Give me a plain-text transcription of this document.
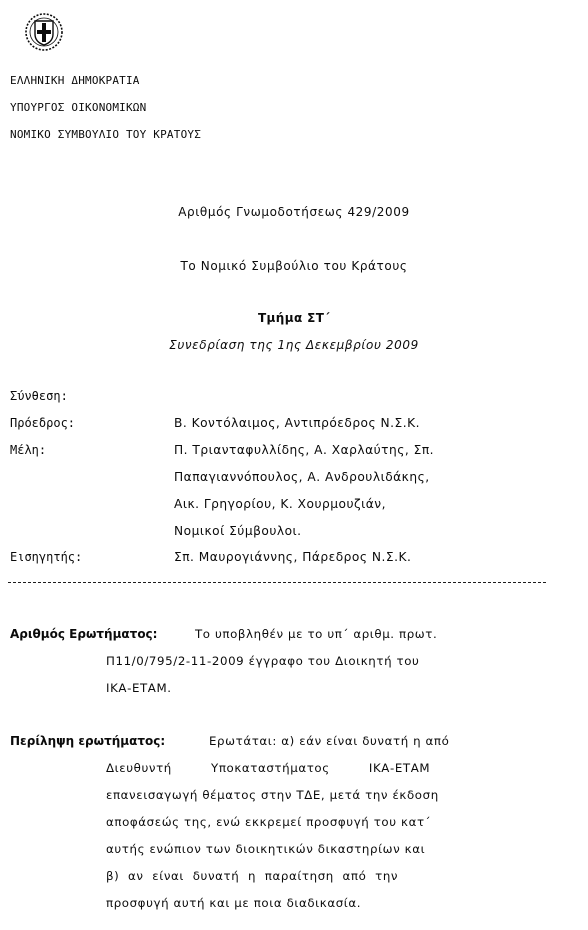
ΕΛΛΗΝΙΚΗ ΔΗΜΟΚΡΑΤΙΑ
ΥΠΟΥΡΓΟΣ ΟΙΚΟΝΟΜΙΚΩΝ
ΝΟΜΙΚΟ ΣΥΜΒΟΥΛΙΟ ΤΟΥ ΚΡΑΤΟΥΣ
Αριθμός Γνωμοδοτήσεως 429/2009
Το Νομικό Συμβούλιο του Κράτους
Τμήμα ΣΤ΄
Συνεδρίαση της 1ης Δεκεμβρίου 2009
Σύνθεση:
Πρόεδρος:	Β. Κοντόλαιμος, Αντιπρόεδρος Ν.Σ.Κ.
Μέλη:	Π. Τριανταφυλλίδης, Α. Χαρλαύτης, Σπ.
Παπαγιαννόπουλος, Α. Ανδρουλιδάκης,
Αικ. Γρηγορίου, Κ. Χουρμουζιάν,
Νομικοί Σύμβουλοι.
Εισηγητής:	Σπ. Μαυρογιάννης, Πάρεδρος Ν.Σ.Κ.
Αριθμός Ερωτήματος:	Το υποβληθέν με το υπ΄ αριθμ. πρωτ.
Π11/0/795/2-11-2009 έγγραφο του Διοικητή του
ΙΚΑ-ΕΤΑΜ.
Περίληψη ερωτήματος:	Ερωτάται: α) εάν είναι δυνατή η από
Διευθυντή         Υποκαταστήματος         ΙΚΑ-ΕΤΑΜ
επανεισαγωγή θέματος στην ΤΔΕ, μετά την έκδοση
αποφάσεώς της, ενώ εκκρεμεί προσφυγή του κατ΄
αυτής ενώπιον των διοικητικών δικαστηρίων και
β)  αν  είναι  δυνατή  η  παραίτηση  από  την
προσφυγή αυτή και με ποια διαδικασία.
